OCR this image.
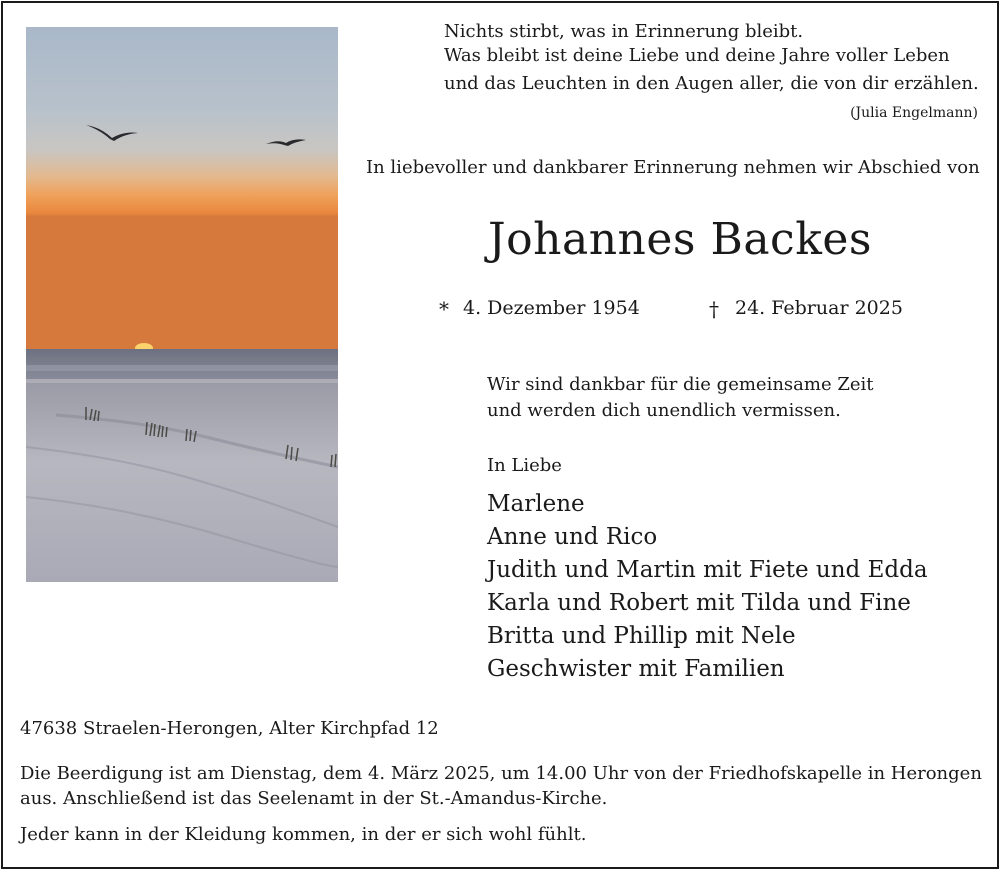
Nichts stirbt, was in Erinnerung bleibt.
Was bleibt ist deine Liebe und deine Jahre voller Leben
und das Leuchten in den Augen aller, die von dir erzählen.
(Julia Engelmann)
In liebevoller und dankbarer Erinnerung nehmen wir Abschied von
Johannes Backes
* 4. Dezember 1954	† 24. Februar 2025
Wir sind dankbar für die gemeinsame Zeit
und werden dich unendlich vermissen.
In Liebe
Marlene
Anne und Rico
Judith und Martin mit Fiete und Edda
Karla und Robert mit Tilda und Fine
Britta und Phillip mit Nele
Geschwister mit Familien
47638 Straelen-Herongen, Alter Kirchpfad 12
Die Beerdigung ist am Dienstag, dem 4. März 2025, um 14.00 Uhr von der Friedhofskapelle in Herongen
aus. Anschließend ist das Seelenamt in der St.-Amandus-Kirche.
Jeder kann in der Kleidung kommen, in der er sich wohl fühlt.
